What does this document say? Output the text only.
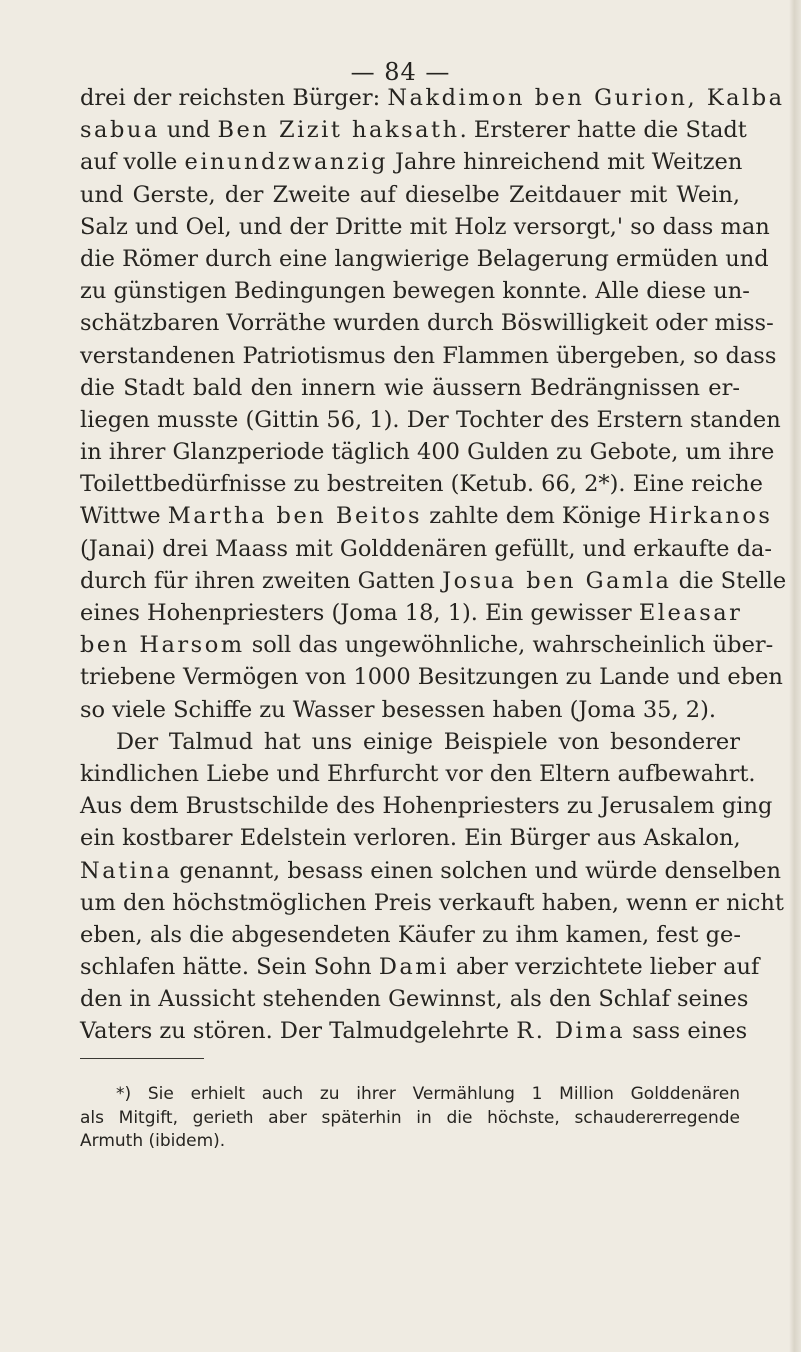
— 84 —
drei der reichsten Bürger: Nakdimon ben Gurion, Kalba
sabua und Ben Zizit haksath. Ersterer hatte die Stadt
auf volle einundzwanzig Jahre hinreichend mit Weitzen
und Gerste, der Zweite auf dieselbe Zeitdauer mit Wein,
Salz und Oel, und der Dritte mit Holz versorgt,' so dass man
die Römer durch eine langwierige Belagerung ermüden und
zu günstigen Bedingungen bewegen konnte. Alle diese un-
schätzbaren Vorräthe wurden durch Böswilligkeit oder miss-
verstandenen Patriotismus den Flammen übergeben, so dass
die Stadt bald den innern wie äussern Bedrängnissen er-
liegen musste (Gittin 56, 1). Der Tochter des Erstern standen
in ihrer Glanzperiode täglich 400 Gulden zu Gebote, um ihre
Toilettbedürfnisse zu bestreiten (Ketub. 66, 2*). Eine reiche
Wittwe Martha ben Beitos zahlte dem Könige Hirkanos
(Janai) drei Maass mit Golddenären gefüllt, und erkaufte da-
durch für ihren zweiten Gatten Josua ben Gamla die Stelle
eines Hohenpriesters (Joma 18, 1). Ein gewisser Eleasar
ben Harsom soll das ungewöhnliche, wahrscheinlich über-
triebene Vermögen von 1000 Besitzungen zu Lande und eben
so viele Schiffe zu Wasser besessen haben (Joma 35, 2).
Der Talmud hat uns einige Beispiele von besonderer
kindlichen Liebe und Ehrfurcht vor den Eltern aufbewahrt.
Aus dem Brustschilde des Hohenpriesters zu Jerusalem ging
ein kostbarer Edelstein verloren. Ein Bürger aus Askalon,
Natina genannt, besass einen solchen und würde denselben
um den höchstmöglichen Preis verkauft haben, wenn er nicht
eben, als die abgesendeten Käufer zu ihm kamen, fest ge-
schlafen hätte. Sein Sohn Dami aber verzichtete lieber auf
den in Aussicht stehenden Gewinnst, als den Schlaf seines
Vaters zu stören. Der Talmudgelehrte R. Dima sass eines
*) Sie erhielt auch zu ihrer Vermählung 1 Million Golddenären
als Mitgift, gerieth aber späterhin in die höchste, schaudererregende
Armuth (ibidem).
